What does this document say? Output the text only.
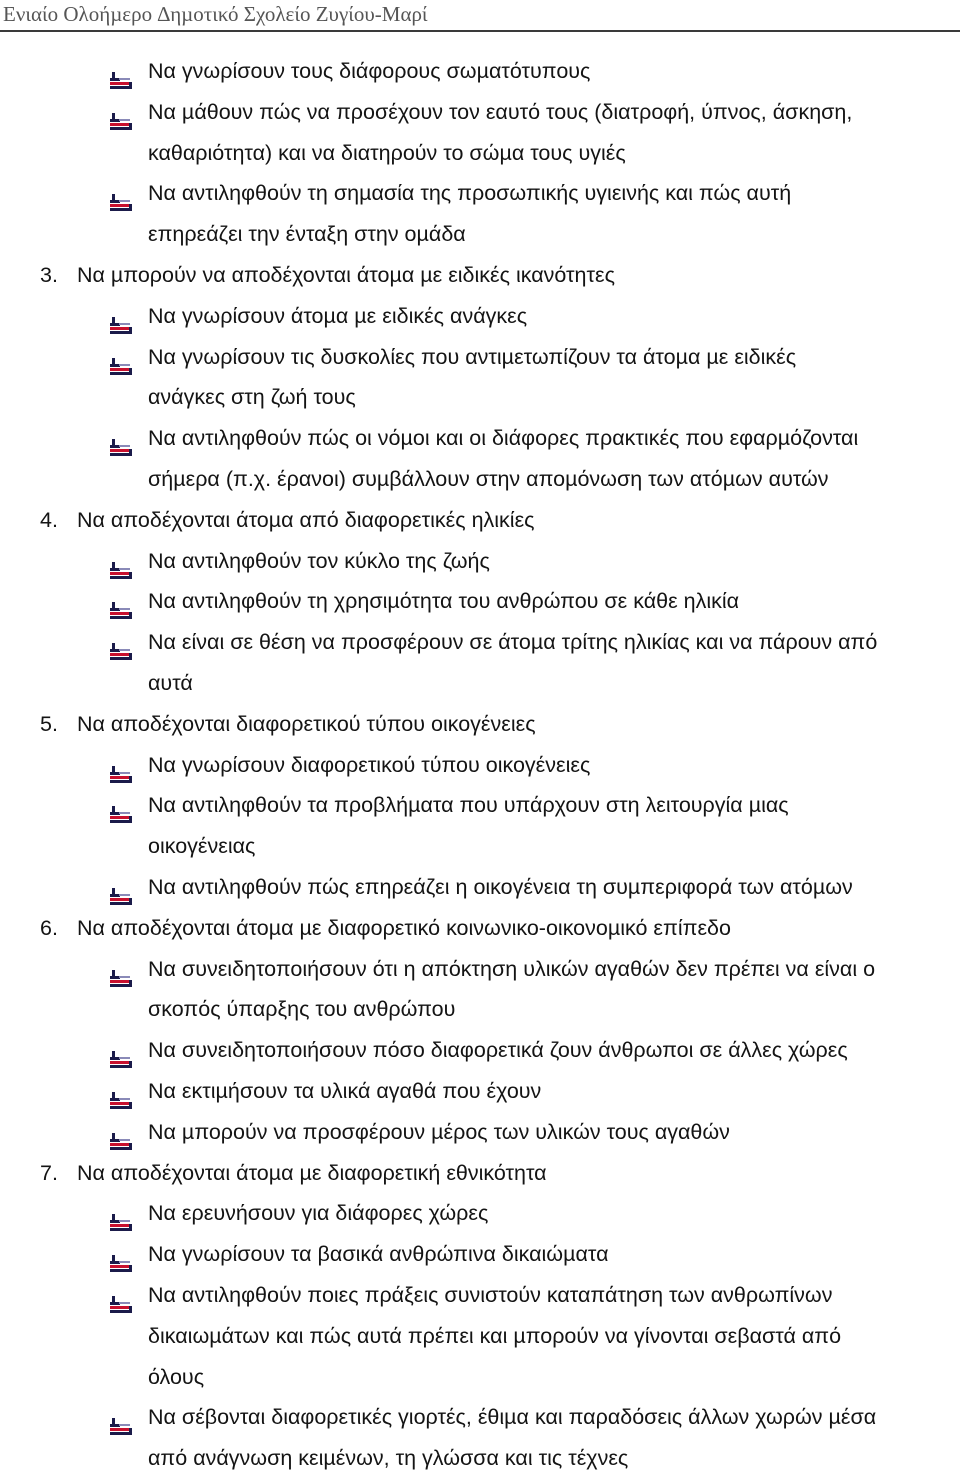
Ενιαίο Ολοήµερο ∆ηµοτικό Σχολείο Ζυγίου-Μαρί
Να γνωρίσουν τους διάφορους σωµατότυπους
Να µάθουν πώς να προσέχουν τον εαυτό τους (διατροφή, ύπνος, άσκηση,
καθαριότητα) και να διατηρούν το σώµα τους υγιές
Να αντιληφθούν τη σηµασία της προσωπικής υγιεινής και πώς αυτή
επηρεάζει την ένταξη στην οµάδα
3. Να µπορούν να αποδέχονται άτοµα µε ειδικές ικανότητες
Να γνωρίσουν άτοµα µε ειδικές ανάγκες
Να γνωρίσουν τις δυσκολίες που αντιµετωπίζουν τα άτοµα µε ειδικές
ανάγκες στη ζωή τους
Να αντιληφθούν πώς οι νόµοι και οι διάφορες πρακτικές που εφαρµόζονται
σήµερα (π.χ. έρανοι) συµβάλλουν στην αποµόνωση των ατόµων αυτών
4. Να αποδέχονται άτοµα από διαφορετικές ηλικίες
Να αντιληφθούν τον κύκλο της ζωής
Να αντιληφθούν τη χρησιµότητα του ανθρώπου σε κάθε ηλικία
Να είναι σε θέση να προσφέρουν σε άτοµα τρίτης ηλικίας και να πάρουν από
αυτά
5. Να αποδέχονται διαφορετικού τύπου οικογένειες
Να γνωρίσουν διαφορετικού τύπου οικογένειες
Να αντιληφθούν τα προβλήµατα που υπάρχουν στη λειτουργία µιας
οικογένειας
Να αντιληφθούν πώς επηρεάζει η οικογένεια τη συµπεριφορά των ατόµων
6. Να αποδέχονται άτοµα µε διαφορετικό κοινωνικο-οικονοµικό επίπεδο
Να συνειδητοποιήσουν ότι η απόκτηση υλικών αγαθών δεν πρέπει να είναι ο
σκοπός ύπαρξης του ανθρώπου
Να συνειδητοποιήσουν πόσο διαφορετικά ζουν άνθρωποι σε άλλες χώρες
Να εκτιµήσουν τα υλικά αγαθά που έχουν
Να µπορούν να προσφέρουν µέρος των υλικών τους αγαθών
7. Να αποδέχονται άτοµα µε διαφορετική εθνικότητα
Να ερευνήσουν για διάφορες χώρες
Να γνωρίσουν τα βασικά ανθρώπινα δικαιώµατα
Να αντιληφθούν ποιες πράξεις συνιστούν καταπάτηση των ανθρωπίνων
δικαιωµάτων και πώς αυτά πρέπει και µπορούν να γίνονται σεβαστά από
όλους
Να σέβονται διαφορετικές γιορτές, έθιµα και παραδόσεις άλλων χωρών µέσα
από ανάγνωση κειµένων, τη γλώσσα και τις τέχνες
